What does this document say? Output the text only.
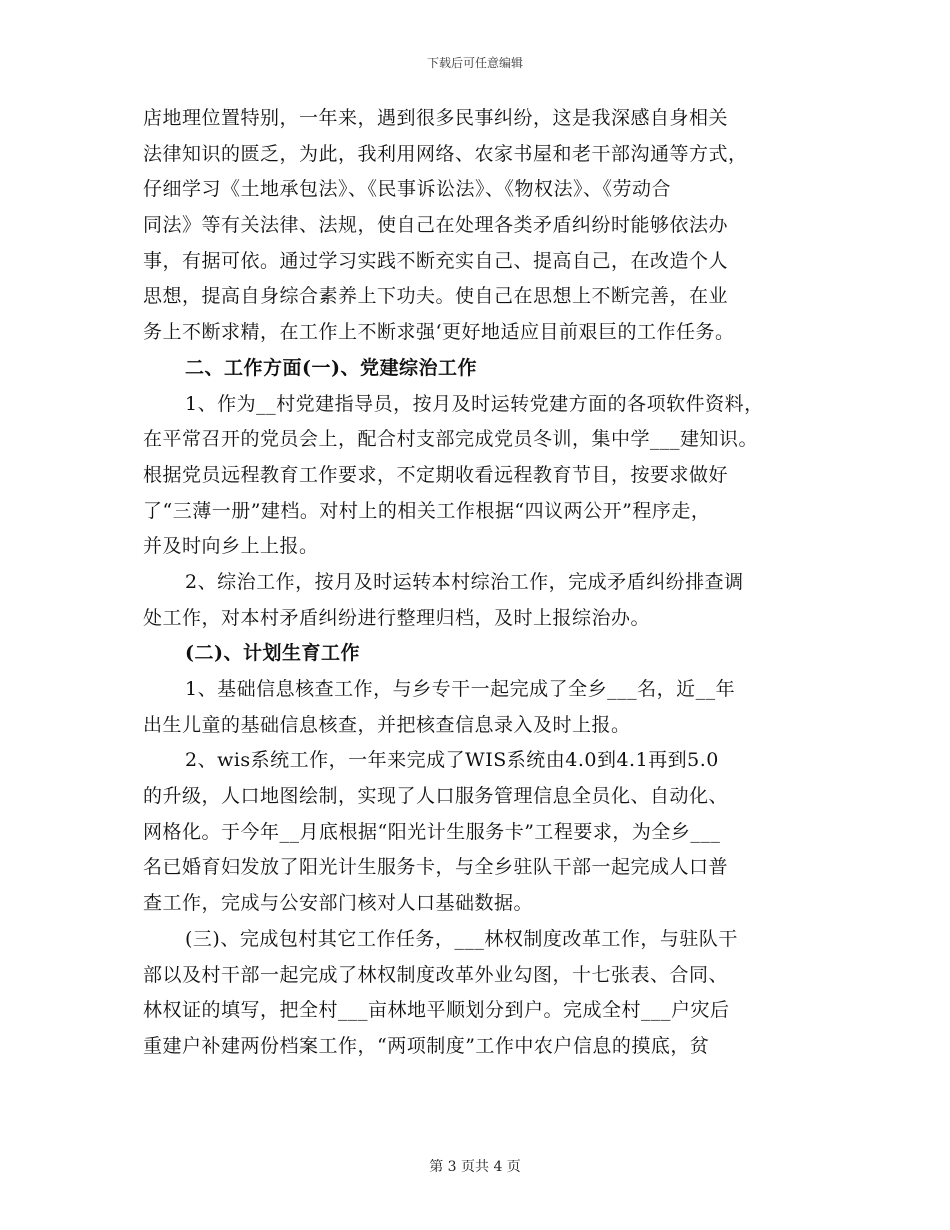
下载后可任意编辑
店地理位置特别，一年来，遇到很多民事纠纷，这是我深感自身相关
法律知识的匮乏，为此，我利用网络、农家书屋和老干部沟通等方式，
仔细学习《土地承包法》、《民事诉讼法》、《物权法》、《劳动合
同法》等有关法律、法规，使自己在处理各类矛盾纠纷时能够依法办
事，有据可依。通过学习实践不断充实自己、提高自己，在改造个人
思想，提高自身综合素养上下功夫。使自己在思想上不断完善，在业
务上不断求精，在工作上不断求强‘更好地适应目前艰巨的工作任务。
二、工作方面(一)、党建综治工作
1、作为__村党建指导员，按月及时运转党建方面的各项软件资料，
在平常召开的党员会上，配合村支部完成党员冬训，集中学___建知识。
根据党员远程教育工作要求，不定期收看远程教育节目，按要求做好
了“三薄一册”建档。对村上的相关工作根据“四议两公开”程序走，
并及时向乡上上报。
2、综治工作，按月及时运转本村综治工作，完成矛盾纠纷排查调
处工作，对本村矛盾纠纷进行整理归档，及时上报综治办。
(二)、计划生育工作
1、基础信息核查工作，与乡专干一起完成了全乡___名，近__年
出生儿童的基础信息核查，并把核查信息录入及时上报。
2、wis系统工作，一年来完成了WIS系统由4.0到4.1再到5.0
的升级，人口地图绘制，实现了人口服务管理信息全员化、自动化、
网格化。于今年__月底根据“阳光计生服务卡”工程要求，为全乡___
名已婚育妇发放了阳光计生服务卡，与全乡驻队干部一起完成人口普
查工作，完成与公安部门核对人口基础数据。
(三)、完成包村其它工作任务，___林权制度改革工作，与驻队干
部以及村干部一起完成了林权制度改革外业勾图，十七张表、合同、
林权证的填写，把全村___亩林地平顺划分到户。完成全村___户灾后
重建户补建两份档案工作，“两项制度”工作中农户信息的摸底，贫
第 3 页共 4 页
